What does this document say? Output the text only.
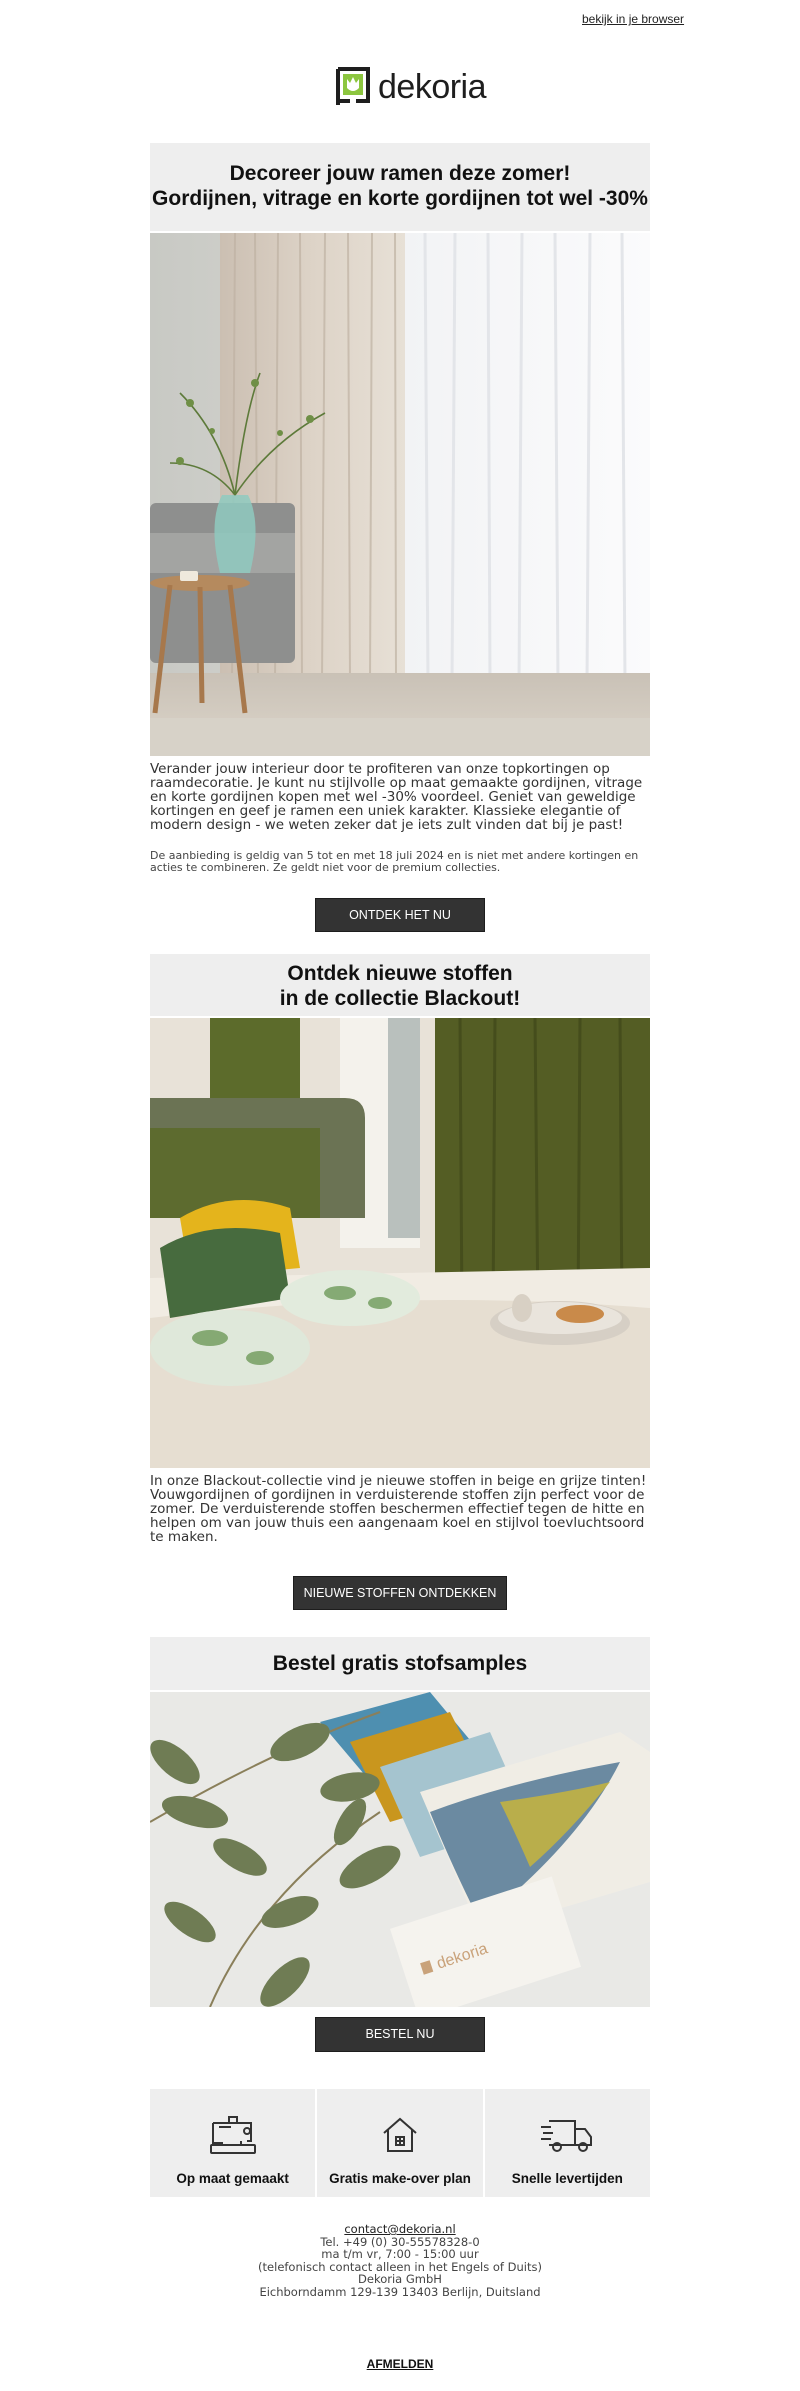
bekijk in je browser
dekoria
Decoreer jouw ramen deze zomer!
Gordijnen, vitrage en korte gordijnen tot wel -30%
Verander jouw interieur door te profiteren van onze topkortingen op raamdecoratie. Je kunt nu stijlvolle op maat gemaakte gordijnen, vitrage en korte gordijnen kopen met wel -30% voordeel. Geniet van geweldige kortingen en geef je ramen een uniek karakter. Klassieke elegantie of modern design - we weten zeker dat je iets zult vinden dat bij je past!
De aanbieding is geldig van 5 tot en met 18 juli 2024 en is niet met andere kortingen en acties te combineren. Ze geldt niet voor de premium collecties.
ONTDEK HET NU
Ontdek nieuwe stoffen
in de collectie Blackout!
In onze Blackout-collectie vind je nieuwe stoffen in beige en grijze tinten! Vouwgordijnen of gordijnen in verduisterende stoffen zijn perfect voor de zomer. De verduisterende stoffen beschermen effectief tegen de hitte en helpen om van jouw thuis een aangenaam koel en stijlvol toevluchtsoord te maken.
NIEUWE STOFFEN ONTDEKKEN
Bestel gratis stofsamples
dekoria
BESTEL NU
Op maat gemaakt	Gratis make-over plan	Snelle levertijden
contact@dekoria.nl
Tel. +49 (0) 30-55578328-0
ma t/m vr, 7:00 - 15:00 uur
(telefonisch contact alleen in het Engels of Duits)
Dekoria GmbH
Eichborndamm 129-139 13403 Berlijn, Duitsland
AFMELDEN
